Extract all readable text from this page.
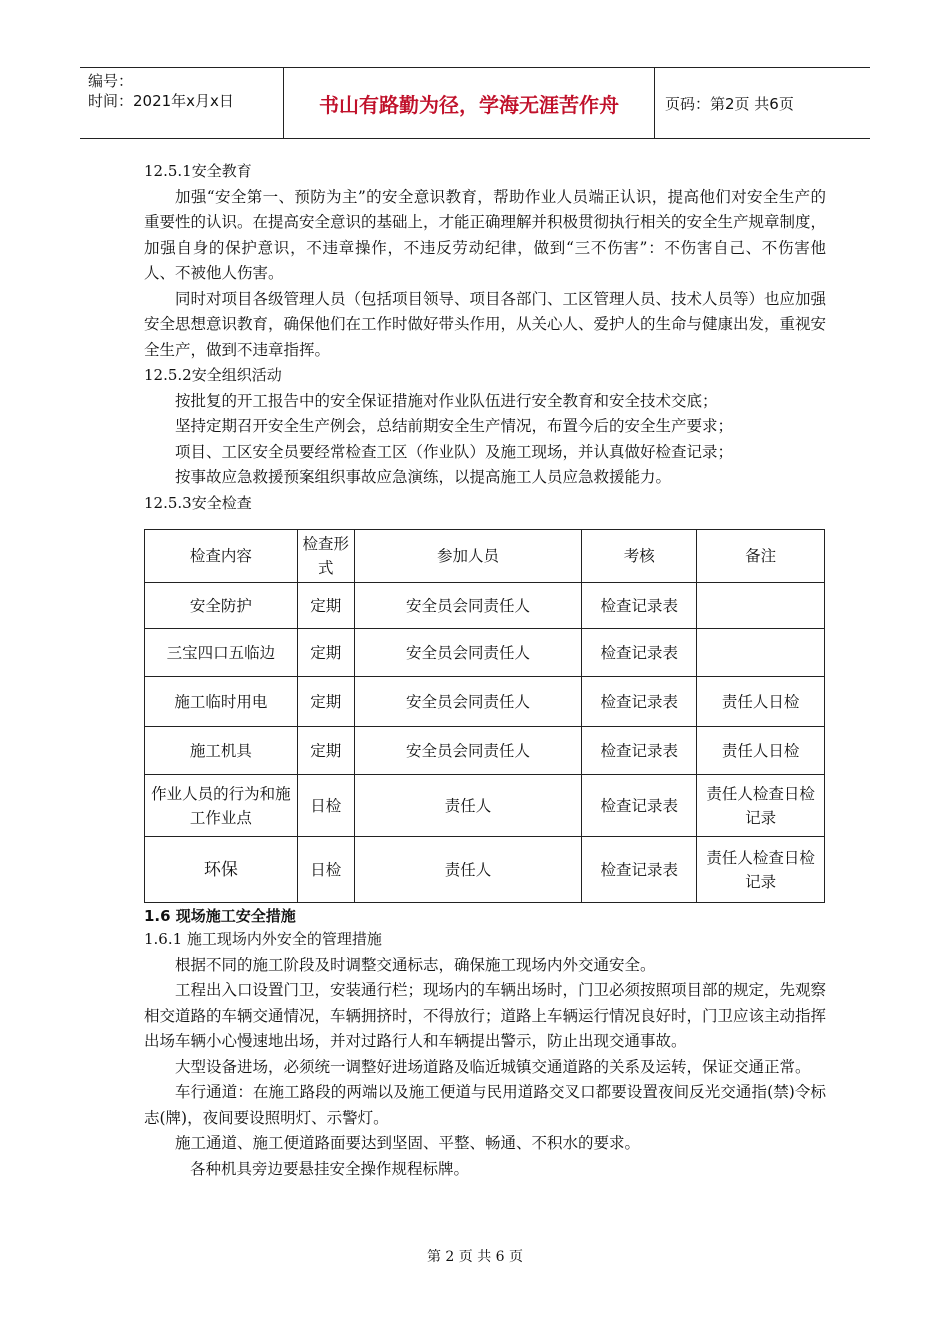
编号：
时间：2021年x月x日	书山有路勤为径，学海无涯苦作舟	页码：第2页 共6页
12.5.1安全教育
加强“安全第一、预防为主”的安全意识教育，帮助作业人员端正认识，提高他们对安全生产的重要性的认识。在提高安全意识的基础上，才能正确理解并积极贯彻执行相关的安全生产规章制度，加强自身的保护意识，不违章操作，不违反劳动纪律，做到“三不伤害”：不伤害自己、不伤害他人、不被他人伤害。
同时对项目各级管理人员（包括项目领导、项目各部门、工区管理人员、技术人员等）也应加强安全思想意识教育，确保他们在工作时做好带头作用，从关心人、爱护人的生命与健康出发，重视安全生产，做到不违章指挥。
12.5.2安全组织活动
按批复的开工报告中的安全保证措施对作业队伍进行安全教育和安全技术交底；
坚持定期召开安全生产例会，总结前期安全生产情况，布置今后的安全生产要求；
项目、工区安全员要经常检查工区（作业队）及施工现场，并认真做好检查记录；
按事故应急救援预案组织事故应急演练，以提高施工人员应急救援能力。
12.5.3安全检查
检查内容	检查形式	参加人员	考核	备注
安全防护	定期	安全员会同责任人	检查记录表	
三宝四口五临边	定期	安全员会同责任人	检查记录表	
施工临时用电	定期	安全员会同责任人	检查记录表	责任人日检
施工机具	定期	安全员会同责任人	检查记录表	责任人日检
作业人员的行为和施工作业点	日检	责任人	检查记录表	责任人检查日检记录
环保	日检	责任人	检查记录表	责任人检查日检记录
1.6 现场施工安全措施
1.6.1 施工现场内外安全的管理措施
根据不同的施工阶段及时调整交通标志，确保施工现场内外交通安全。
工程出入口设置门卫，安装通行栏；现场内的车辆出场时，门卫必须按照项目部的规定，先观察相交道路的车辆交通情况，车辆拥挤时，不得放行；道路上车辆运行情况良好时，门卫应该主动指挥出场车辆小心慢速地出场，并对过路行人和车辆提出警示，防止出现交通事故。
大型设备进场，必须统一调整好进场道路及临近城镇交通道路的关系及运转，保证交通正常。
车行通道：在施工路段的两端以及施工便道与民用道路交叉口都要设置夜间反光交通指(禁)令标志(牌)，夜间要设照明灯、示警灯。
施工通道、施工便道路面要达到坚固、平整、畅通、不积水的要求。
各种机具旁边要悬挂安全操作规程标牌。
第 2 页 共 6 页
